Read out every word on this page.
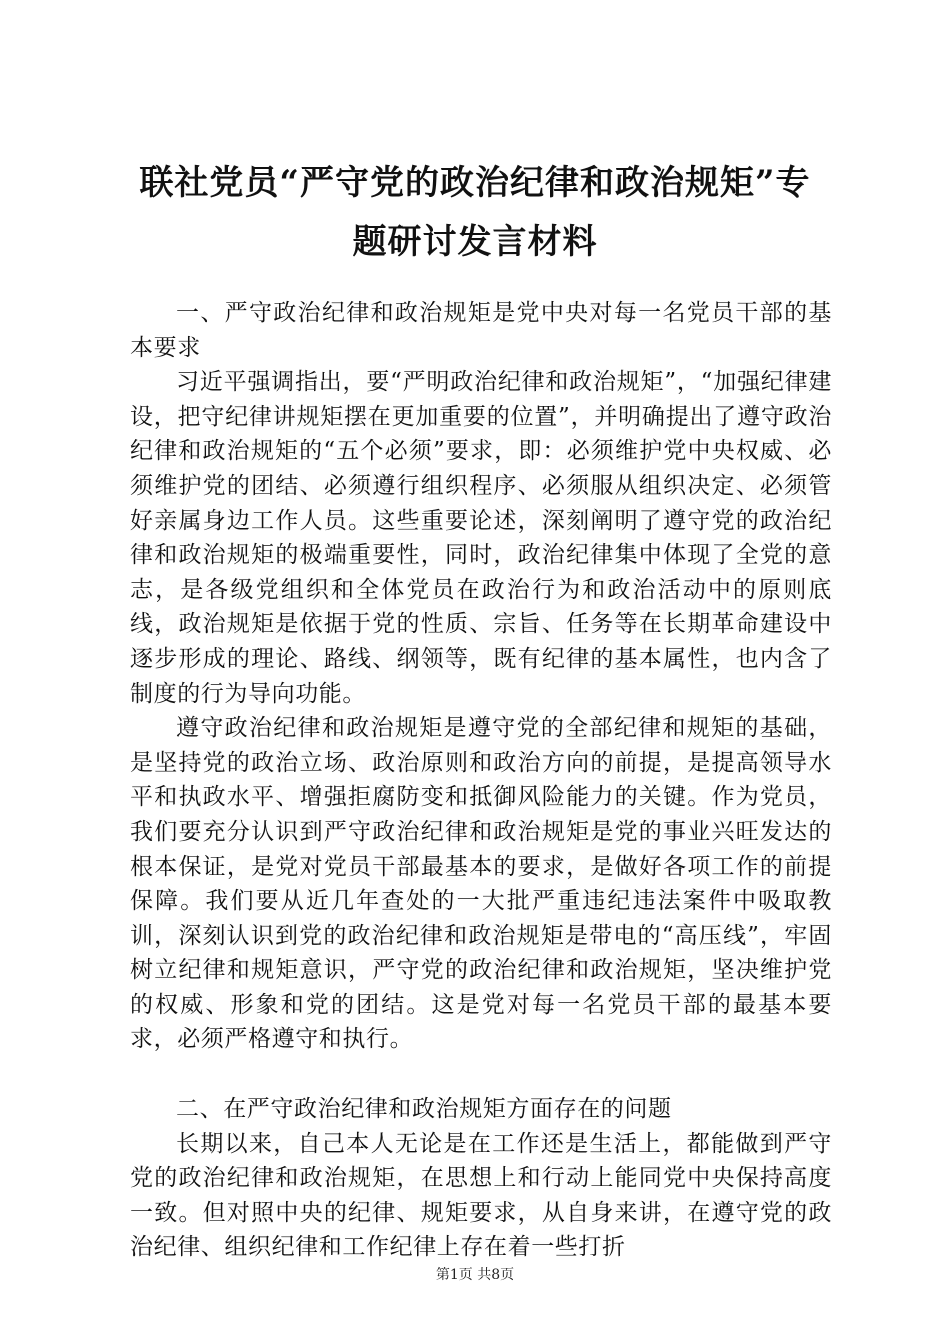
联社党员“严守党的政治纪律和政治规矩”专
题研讨发言材料

一、严守政治纪律和政治规矩是党中央对每一名党员干部的基本要求

习近平强调指出，要“严明政治纪律和政治规矩”，“加强纪律建设，把守纪律讲规矩摆在更加重要的位置”，并明确提出了遵守政治纪律和政治规矩的“五个必须”要求，即：必须维护党中央权威、必须维护党的团结、必须遵行组织程序、必须服从组织决定、必须管好亲属身边工作人员。这些重要论述，深刻阐明了遵守党的政治纪律和政治规矩的极端重要性，同时，政治纪律集中体现了全党的意志，是各级党组织和全体党员在政治行为和政治活动中的原则底线，政治规矩是依据于党的性质、宗旨、任务等在长期革命建设中逐步形成的理论、路线、纲领等，既有纪律的基本属性，也内含了制度的行为导向功能。

遵守政治纪律和政治规矩是遵守党的全部纪律和规矩的基础，是坚持党的政治立场、政治原则和政治方向的前提，是提高领导水平和执政水平、增强拒腐防变和抵御风险能力的关键。作为党员，我们要充分认识到严守政治纪律和政治规矩是党的事业兴旺发达的根本保证，是党对党员干部最基本的要求，是做好各项工作的前提保障。我们要从近几年查处的一大批严重违纪违法案件中吸取教训，深刻认识到党的政治纪律和政治规矩是带电的“高压线”，牢固树立纪律和规矩意识，严守党的政治纪律和政治规矩，坚决维护党的权威、形象和党的团结。这是党对每一名党员干部的最基本要求，必须严格遵守和执行。

二、在严守政治纪律和政治规矩方面存在的问题

长期以来，自己本人无论是在工作还是生活上，都能做到严守党的政治纪律和政治规矩，在思想上和行动上能同党中央保持高度一致。但对照中央的纪律、规矩要求，从自身来讲，在遵守党的政治纪律、组织纪律和工作纪律上存在着一些打折

第1页 共8页
